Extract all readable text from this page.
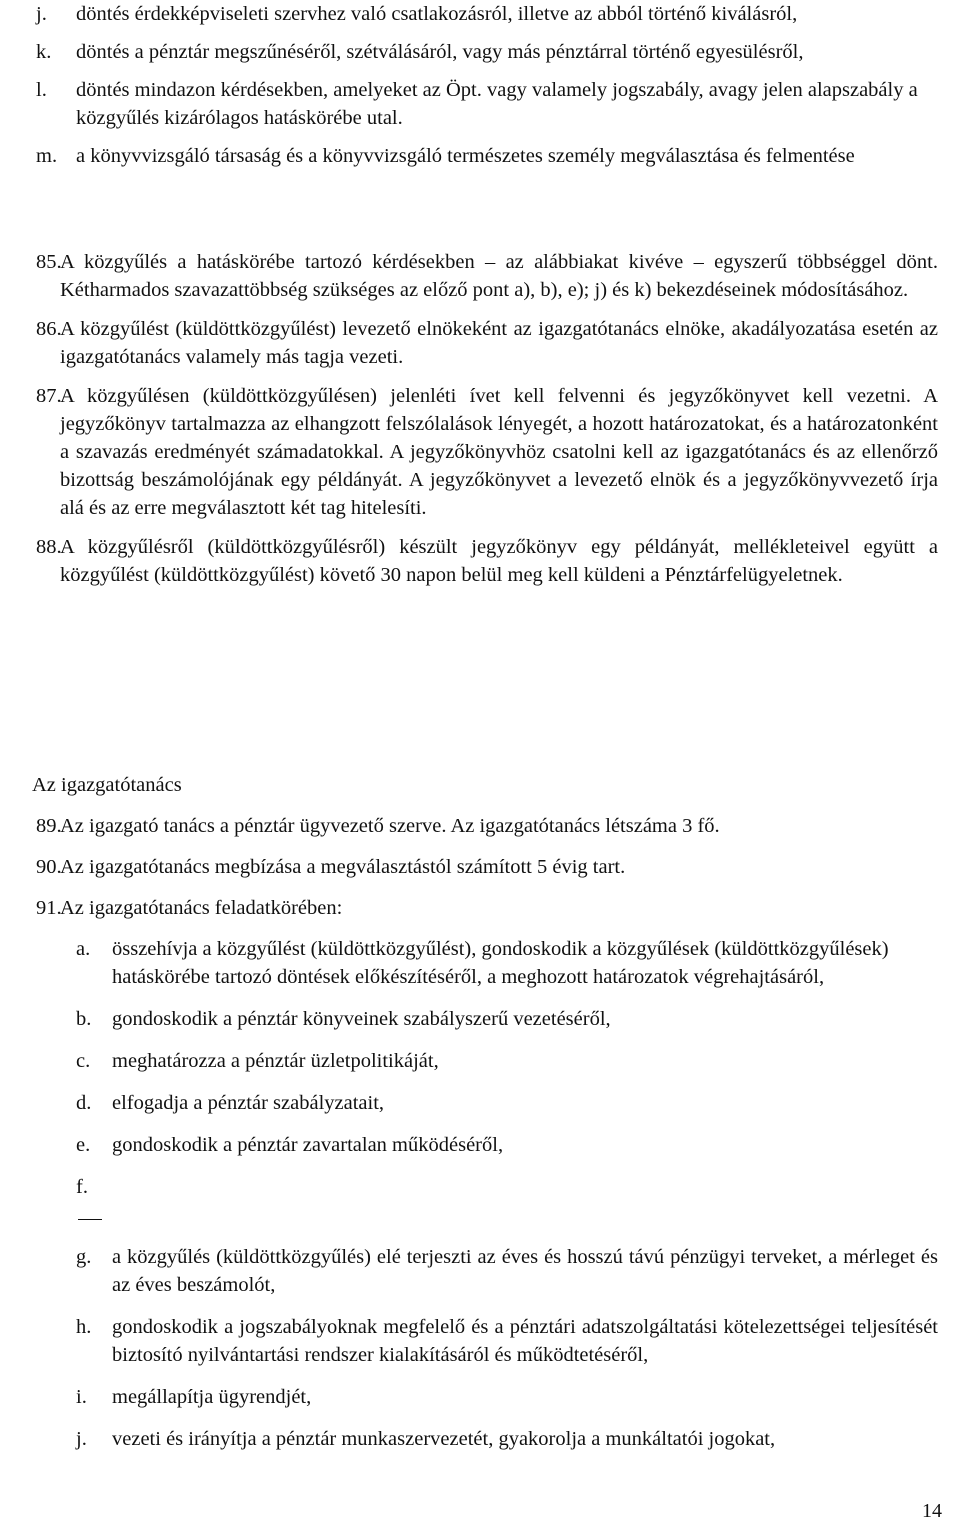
j.	döntés érdekképviseleti szervhez való csatlakozásról, illetve az abból történő kiválásról,
k.	döntés a pénztár megszűnéséről, szétválásáról, vagy más pénztárral történő egyesülésről,
l.	döntés mindazon kérdésekben, amelyeket az Öpt. vagy valamely jogszabály, avagy jelen alapszabály a közgyűlés kizárólagos hatáskörébe utal.
m. a könyvvizsgáló társaság és a könyvvizsgáló természetes személy megválasztása és felmentése
85.
A közgyűlés a hatáskörébe tartozó kérdésekben – az alábbiakat kivéve – egyszerű többséggel dönt. Kétharmados szavazattöbbség szükséges az előző pont a), b), e); j) és k) bekezdéseinek módosításához.
86.
A közgyűlést (küldöttközgyűlést) levezető elnökeként az igazgatótanács elnöke, akadályozatása esetén az igazgatótanács valamely más tagja vezeti.
87.
A közgyűlésen (küldöttközgyűlésen) jelenléti ívet kell felvenni és jegyzőkönyvet kell vezetni. A jegyzőkönyv tartalmazza az elhangzott felszólalások lényegét, a hozott határozatokat, és a határozatonként a szavazás eredményét számadatokkal. A jegyzőkönyvhöz csatolni kell az igazgatótanács és az ellenőrző bizottság beszámolójának egy példányát. A jegyzőkönyvet a levezető elnök és a jegyzőkönyvvezető írja alá és az erre megválasztott két tag hitelesíti.
88.
A közgyűlésről (küldöttközgyűlésről) készült jegyzőkönyv egy példányát, mellékleteivel együtt a közgyűlést (küldöttközgyűlést) követő 30 napon belül meg kell küldeni a Pénztárfelügyeletnek.
Az igazgatótanács
89.
Az igazgató tanács a pénztár ügyvezető szerve. Az igazgatótanács létszáma 3 fő.
90.
Az igazgatótanács megbízása a megválasztástól számított 5 évig tart.
91.
Az igazgatótanács feladatkörében:
a.	összehívja a közgyűlést (küldöttközgyűlést), gondoskodik a közgyűlések (küldöttközgyűlések) hatáskörébe tartozó döntések előkészítéséről, a meghozott határozatok végrehajtásáról,
b.	gondoskodik a pénztár könyveinek szabályszerű vezetéséről,
c.	meghatározza a pénztár üzletpolitikáját,
d.	elfogadja a pénztár szabályzatait,
e.	gondoskodik a pénztár zavartalan működéséről,
f.
g.	a közgyűlés (küldöttközgyűlés) elé terjeszti az éves és hosszú távú pénzügyi terveket, a mérleget és az éves beszámolót,
h.	gondoskodik a jogszabályoknak megfelelő és a pénztári adatszolgáltatási kötelezettségei teljesítését biztosító nyilvántartási rendszer kialakításáról és működtetéséről,
i.	megállapítja ügyrendjét,
j.	vezeti és irányítja a pénztár munkaszervezetét, gyakorolja a munkáltatói jogokat,
14
